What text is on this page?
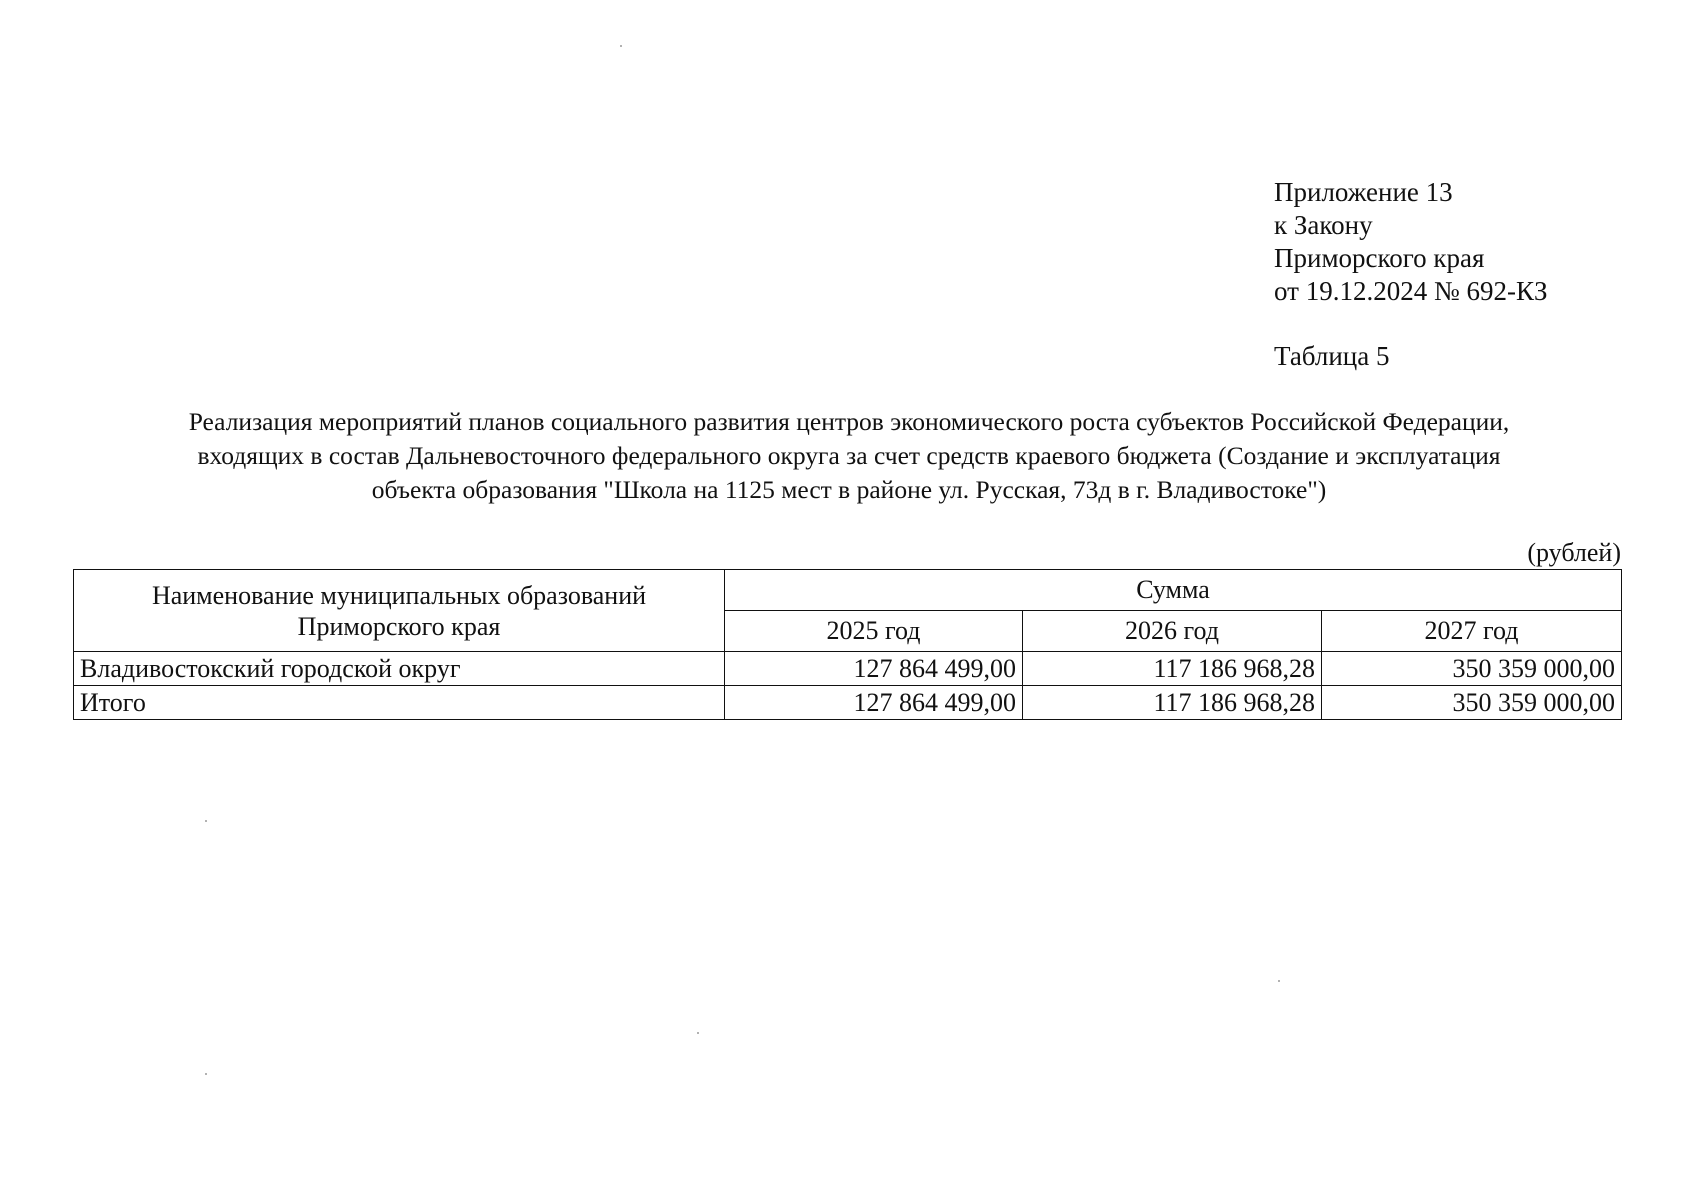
Приложение 13
к Закону
Приморского края
от 19.12.2024 № 692-КЗ
Таблица 5
Реализация мероприятий планов социального развития центров экономического роста субъектов Российской Федерации,
входящих в состав Дальневосточного федерального округа за счет средств краевого бюджета (Создание и эксплуатация
объекта образования "Школа на 1125 мест в районе ул. Русская, 73д в г. Владивостоке")
(рублей)
Наименование муниципальных образований
Приморского края	Сумма		
	2025 год	2026 год	2027 год
Владивостокский городской округ	127 864 499,00	117 186 968,28	350 359 000,00
Итого	127 864 499,00	117 186 968,28	350 359 000,00
